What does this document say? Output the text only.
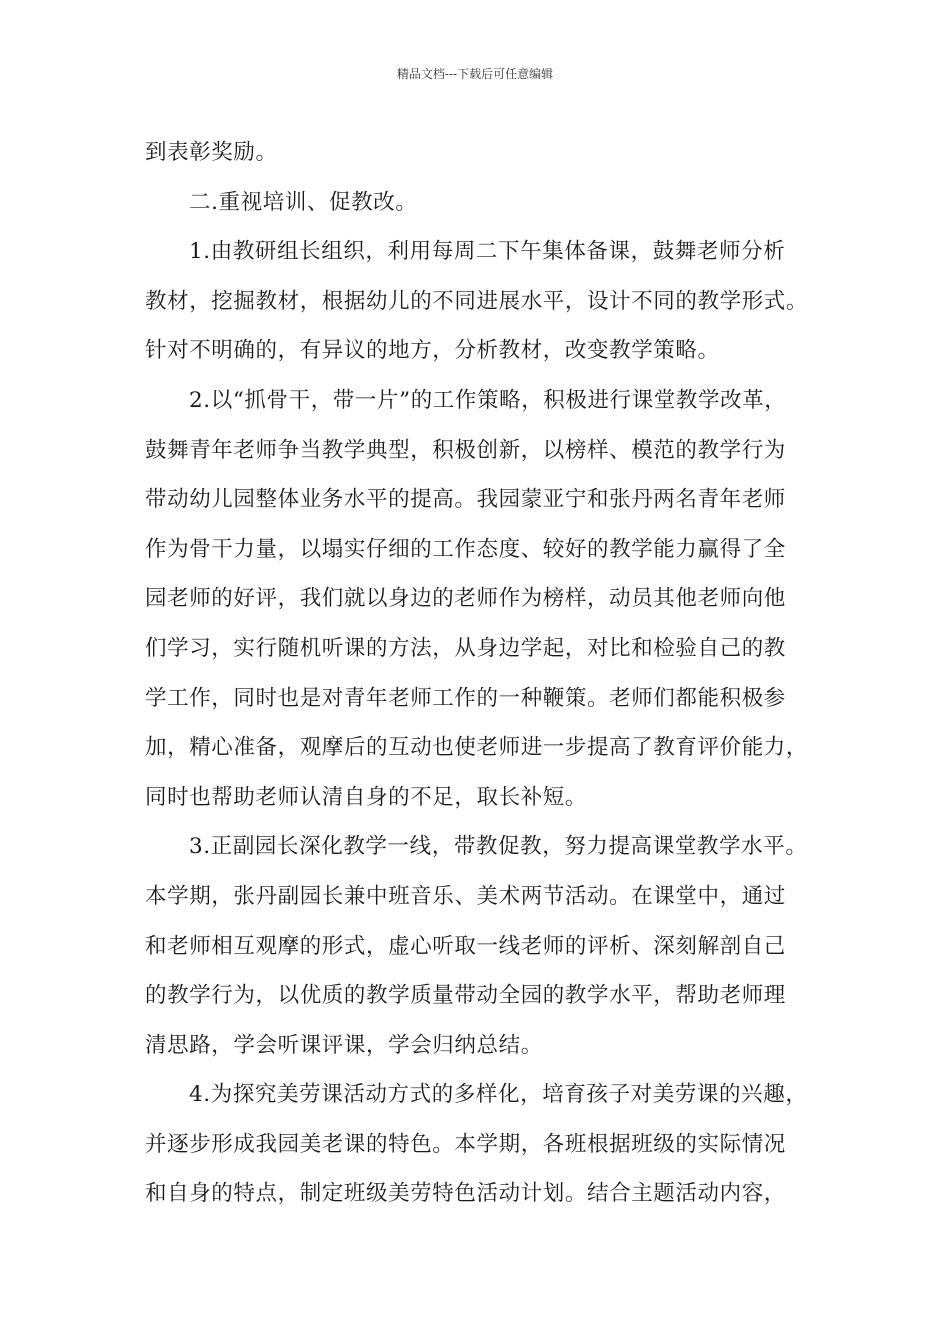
精品文档---下载后可任意编辑
到表彰奖励。
二.重视培训、促教改。
1.由教研组长组织，利用每周二下午集体备课，鼓舞老师分析
教材，挖掘教材，根据幼儿的不同进展水平，设计不同的教学形式。
针对不明确的，有异议的地方，分析教材，改变教学策略。
2.以“抓骨干，带一片”的工作策略，积极进行课堂教学改革，
鼓舞青年老师争当教学典型，积极创新，以榜样、模范的教学行为
带动幼儿园整体业务水平的提高。我园蒙亚宁和张丹两名青年老师
作为骨干力量，以塌实仔细的工作态度、较好的教学能力赢得了全
园老师的好评，我们就以身边的老师作为榜样，动员其他老师向他
们学习，实行随机听课的方法，从身边学起，对比和检验自己的教
学工作，同时也是对青年老师工作的一种鞭策。老师们都能积极参
加，精心准备，观摩后的互动也使老师进一步提高了教育评价能力，
同时也帮助老师认清自身的不足，取长补短。
3.正副园长深化教学一线，带教促教，努力提高课堂教学水平。
本学期，张丹副园长兼中班音乐、美术两节活动。在课堂中，通过
和老师相互观摩的形式，虚心听取一线老师的评析、深刻解剖自己
的教学行为，以优质的教学质量带动全园的教学水平，帮助老师理
清思路，学会听课评课，学会归纳总结。
4.为探究美劳课活动方式的多样化，培育孩子对美劳课的兴趣，
并逐步形成我园美老课的特色。本学期，各班根据班级的实际情况
和自身的特点，制定班级美劳特色活动计划。结合主题活动内容，
